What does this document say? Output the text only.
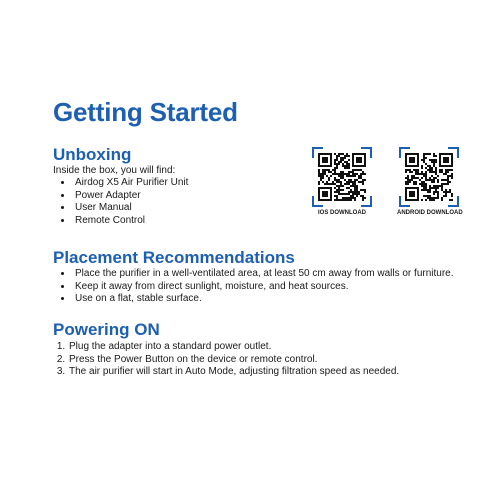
Getting Started
Unboxing

Inside the box, you will find:

• Airdog X5 Air Purifier Unit
• Power Adapter
• User Manual
• Remote Control
IOS DOWNLOAD	ANDROID DOWNLOAD
Placement Recommendations
• Place the purifier in a well-ventilated area, at least 50 cm away from walls or furniture.
• Keep it away from direct sunlight, moisture, and heat sources.
• Use on a flat, stable surface.
Powering ON
1. Plug the adapter into a standard power outlet.
2. Press the Power Button on the device or remote control.
3. The air purifier will start in Auto Mode, adjusting filtration speed as needed.
